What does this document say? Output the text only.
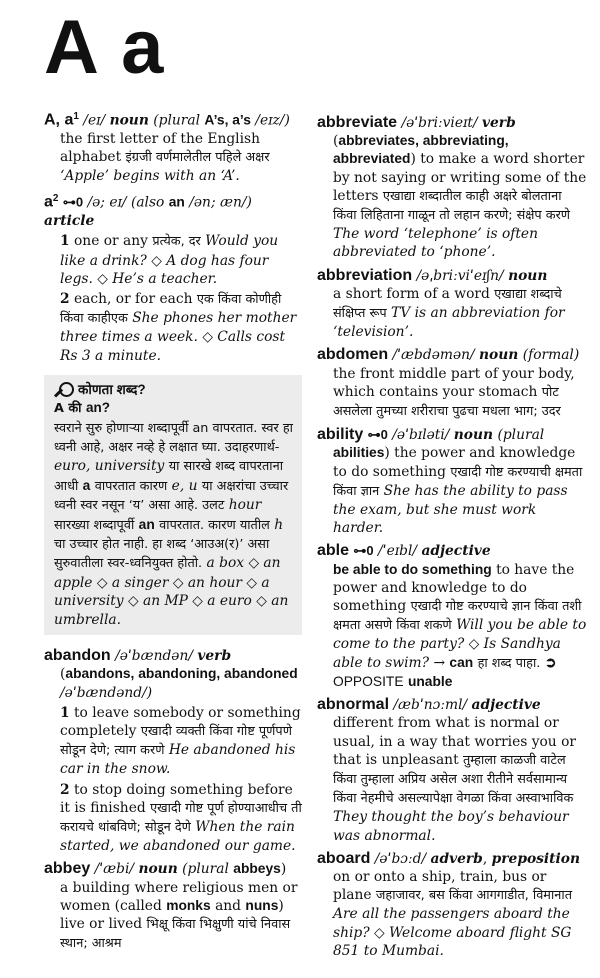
A a
A, $a^1$ /eɪ/ noun (plural A’s, a’s /eɪz/)
the first letter of the English alphabet इंग्रजी वर्णमालेतील पहिले अक्षर ‘Apple’ begins with an ‘A’.
$a^2$ ⊶0 /ə; eɪ/ (also an /ən; æn/) article
1 one or any प्रत्येक, दर Would you like a drink? ◇ A dog has four legs. ◇ He’s a teacher.
2 each, or for each एक किंवा कोणीही किंवा काहीएक She phones her mother three times a week. ◇ Calls cost Rs 3 a minute.
कोणता शब्द?
A की an?
स्वराने सुरु होणाऱ्या शब्दापूर्वी an वापरतात. स्वर हा ध्वनी आहे, अक्षर नव्हे हे लक्षात घ्या. उदाहरणार्थ- euro, university या सारखे शब्द वापरताना आधी a वापरतात कारण e, u या अक्षरांचा उच्चार ध्वनी स्वर नसून ‘य’ असा आहे. उलट hour सारख्या शब्दापूर्वी an वापरतात. कारण यातील h चा उच्चार होत नाही. हा शब्द ‘आउअ(र)’ असा सुरुवातीला स्वर-ध्वनियुक्त होतो. a box ◇ an apple ◇ a singer ◇ an hour ◇ a university ◇ an MP ◇ a euro ◇ an umbrella.
abandon /əˈbændən/ verb
(abandons, abandoning, abandoned /əˈbændənd/)
1 to leave somebody or something completely एखादी व्यक्ती किंवा गोष्ट पूर्णपणे सोडून देणे; त्याग करणे He abandoned his car in the snow.
2 to stop doing something before it is finished एखादी गोष्ट पूर्ण होण्याआधीच ती करायचे थांबविणे; सोडून देणे When the rain started, we abandoned our game.
abbey /ˈæbi/ noun (plural abbeys)
a building where religious men or women (called monks and nuns) live or lived भिक्षू किंवा भिक्षुणी यांचे निवास स्थान; आश्रम
abbreviate /əˈbriːvieɪt/ verb
(abbreviates, abbreviating, abbreviated) to make a word shorter by not saying or writing some of the letters एखाद्या शब्दातील काही अक्षरे बोलताना किंवा लिहिताना गाळून तो लहान करणे; संक्षेप करणे The word ‘telephone’ is often abbreviated to ‘phone’.
abbreviation /əˌbriːviˈeɪʃn/ noun
a short form of a word एखाद्या शब्दाचे संक्षिप्त रूप TV is an abbreviation for ‘television’.
abdomen /ˈæbdəmən/ noun (formal)
the front middle part of your body, which contains your stomach पोट असलेला तुमच्या शरीराचा पुढचा मधला भाग; उदर
ability ⊶0 /əˈbɪləti/ noun (plural
abilities) the power and knowledge to do something एखादी गोष्ट करण्याची क्षमता किंवा ज्ञान She has the ability to pass the exam, but she must work harder.
able ⊶0 /ˈeɪbl/ adjective
be able to do something to have the power and knowledge to do something एखादी गोष्ट करण्याचे ज्ञान किंवा तशी क्षमता असणे किंवा शकणे Will you be able to come to the party? ◇ Is Sandhya able to swim? → can हा शब्द पाहा. ➲ OPPOSITE unable
abnormal /æbˈnɔːml/ adjective
different from what is normal or usual, in a way that worries you or that is unpleasant तुम्हाला काळजी वाटेल किंवा तुम्हाला अप्रिय असेल अशा रीतीने सर्वसामान्य किंवा नेहमीचे असल्यापेक्षा वेगळा किंवा अस्वाभाविक They thought the boy’s behaviour was abnormal.
aboard /əˈbɔːd/ adverb, preposition
on or onto a ship, train, bus or plane जहाजावर, बस किंवा आगगाडीत, विमानात Are all the passengers aboard the ship? ◇ Welcome aboard flight SG 851 to Mumbai.
